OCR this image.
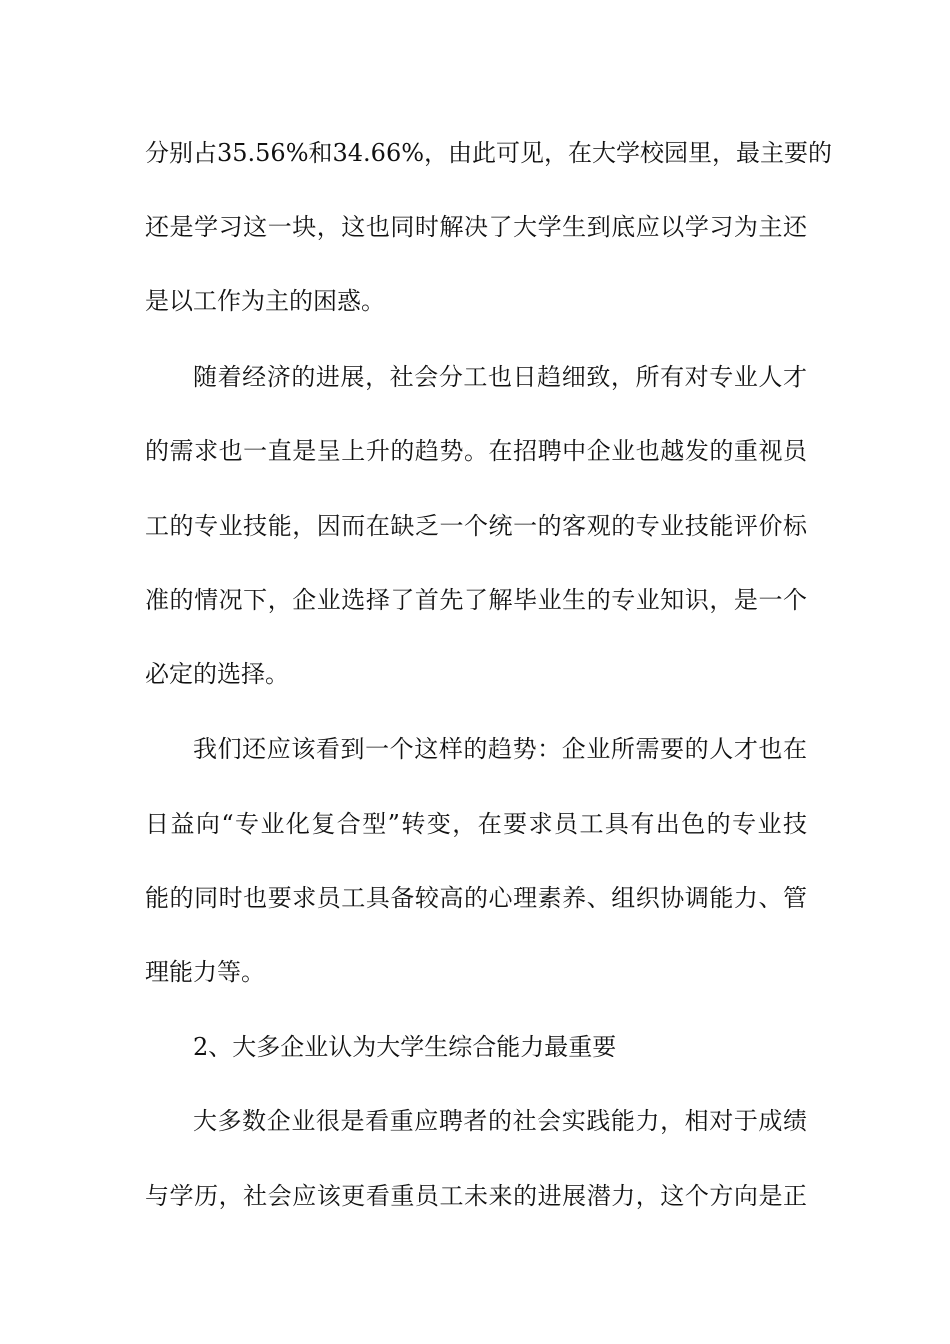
分别占35.56%和34.66%，由此可见，在大学校园里，最主要的

还是学习这一块，这也同时解决了大学生到底应以学习为主还

是以工作为主的困惑。

随着经济的进展，社会分工也日趋细致，所有对专业人才

的需求也一直是呈上升的趋势。在招聘中企业也越发的重视员

工的专业技能，因而在缺乏一个统一的客观的专业技能评价标

准的情况下，企业选择了首先了解毕业生的专业知识，是一个

必定的选择。

我们还应该看到一个这样的趋势：企业所需要的人才也在

日益向“专业化复合型”转变，在要求员工具有出色的专业技

能的同时也要求员工具备较高的心理素养、组织协调能力、管

理能力等。

2、大多企业认为大学生综合能力最重要

大多数企业很是看重应聘者的社会实践能力，相对于成绩

与学历，社会应该更看重员工未来的进展潜力，这个方向是正
